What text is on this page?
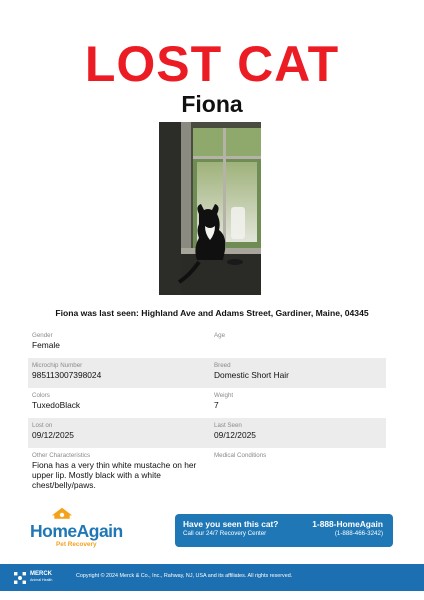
LOST CAT
Fiona
Fiona was last seen: Highland Ave and Adams Street, Gardiner, Maine, 04345
Gender
Female
Age
Microchip Number
985113007398024
Breed
Domestic Short Hair
Colors
TuxedoBlack
Weight
7
Lost on
09/12/2025
Last Seen
09/12/2025
Other Characteristics
Fiona has a very thin white mustache on her upper lip. Mostly black with a white chest/belly/paws.
Medical Conditions
HomeAgain
Pet Recovery
Have you seen this cat?
Call our 24/7 Recovery Center
1-888-HomeAgain
(1-888-466-3242)
MERCK
Animal Health
Copyright © 2024 Merck & Co., Inc., Rahway, NJ, USA and its affiliates. All rights reserved.
